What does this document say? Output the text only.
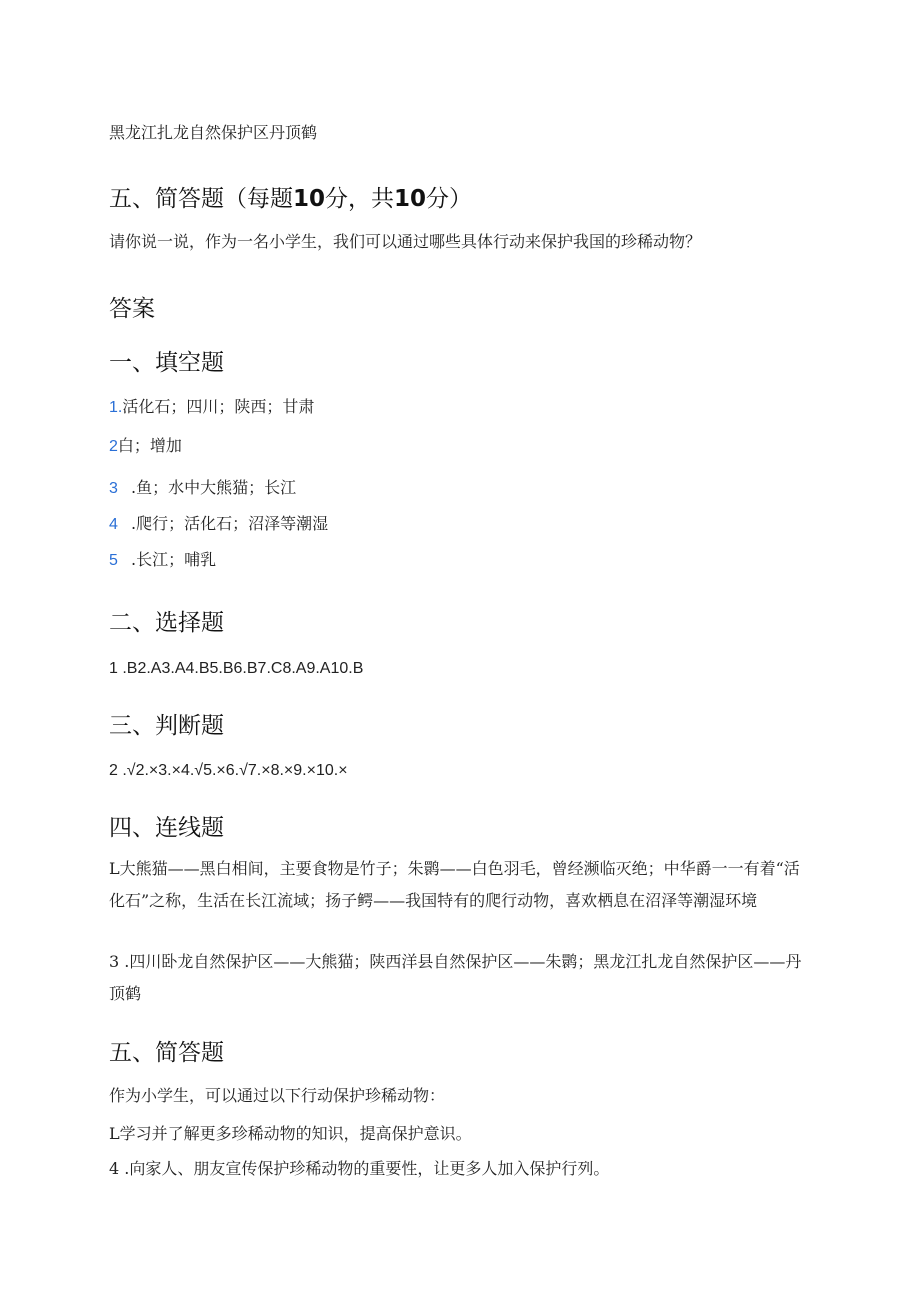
黑龙江扎龙自然保护区丹顶鹤
五、简答题（每题10分，共10分）
请你说一说，作为一名小学生，我们可以通过哪些具体行动来保护我国的珍稀动物？
答案
一、填空题
1.活化石；四川；陕西；甘肃
2白；增加
3 .鱼；水中大熊猫；长江
4 .爬行；活化石；沼泽等潮湿
5 .长江；哺乳
二、选择题
1 .B2.A3.A4.B5.B6.B7.C8.A9.A10.B
三、判断题
2 .√2.×3.×4.√5.×6.√7.×8.×9.×10.×
四、连线题
L大熊猫——黑白相间，主要食物是竹子；朱鹮——白色羽毛，曾经濒临灭绝；中华爵一一有着“活化石”之称，生活在长江流域；扬子鳄——我国特有的爬行动物，喜欢栖息在沼泽等潮湿环境
3 .四川卧龙自然保护区——大熊猫；陕西洋县自然保护区——朱鹮；黑龙江扎龙自然保护区——丹顶鹤
五、简答题
作为小学生，可以通过以下行动保护珍稀动物：
L学习并了解更多珍稀动物的知识，提高保护意识。
4 .向家人、朋友宣传保护珍稀动物的重要性，让更多人加入保护行列。
